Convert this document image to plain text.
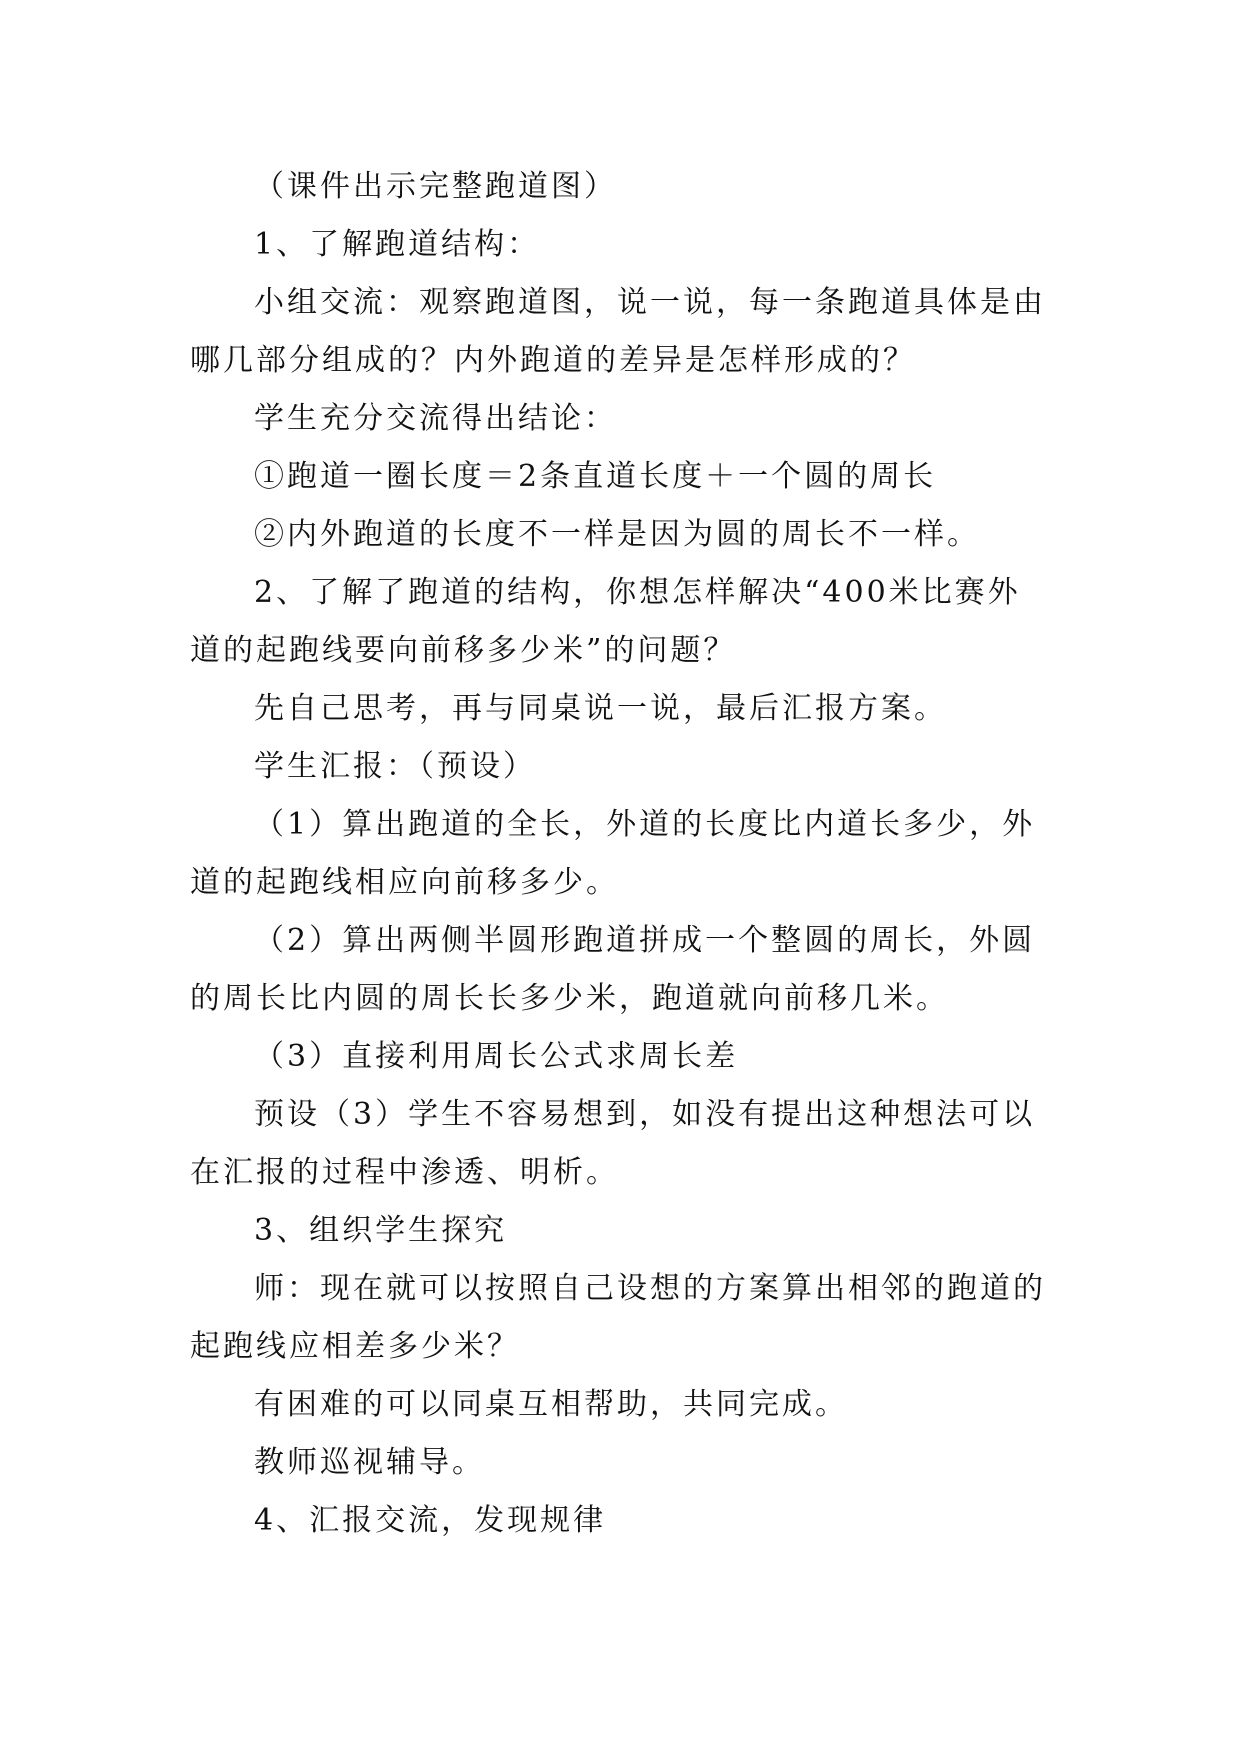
（课件出示完整跑道图）

1、了解跑道结构：

小组交流：观察跑道图，说一说，每一条跑道具体是由哪几部分组成的？内外跑道的差异是怎样形成的？

学生充分交流得出结论：

①跑道一圈长度＝2条直道长度＋一个圆的周长

②内外跑道的长度不一样是因为圆的周长不一样。

2、了解了跑道的结构，你想怎样解决“400米比赛外道的起跑线要向前移多少米”的问题？

先自己思考，再与同桌说一说，最后汇报方案。

学生汇报：（预设）

（1）算出跑道的全长，外道的长度比内道长多少，外道的起跑线相应向前移多少。

（2）算出两侧半圆形跑道拼成一个整圆的周长，外圆的周长比内圆的周长长多少米，跑道就向前移几米。

（3）直接利用周长公式求周长差

预设（3）学生不容易想到，如没有提出这种想法可以在汇报的过程中渗透、明析。

3、组织学生探究

师：现在就可以按照自己设想的方案算出相邻的跑道的起跑线应相差多少米？

有困难的可以同桌互相帮助，共同完成。

教师巡视辅导。

4、汇报交流，发现规律
